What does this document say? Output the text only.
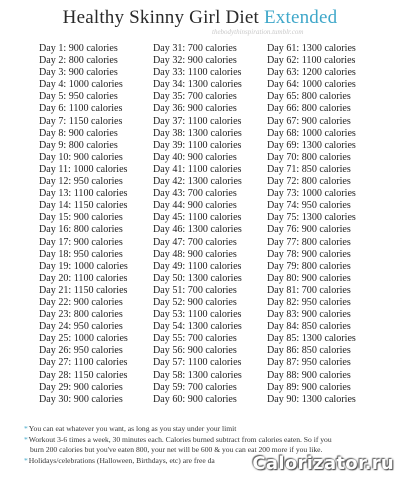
Healthy Skinny Girl Diet Extended
thebodythinspiration.tumblr.com
Day 1: 900 calories
Day 2: 800 calories
Day 3: 900 calories
Day 4: 1000 calories
Day 5: 950 calories
Day 6: 1100 calories
Day 7: 1150 calories
Day 8: 900 calories
Day 9: 800 calories
Day 10: 900 calories
Day 11: 1000 calories
Day 12: 950 calories
Day 13: 1100 calories
Day 14: 1150 calories
Day 15: 900 calories
Day 16: 800 calories
Day 17: 900 calories
Day 18: 950 calories
Day 19: 1000 calories
Day 20: 1100 calories
Day 21: 1150 calories
Day 22: 900 calories
Day 23: 800 calories
Day 24: 950 calories
Day 25: 1000 calories
Day 26: 950 calories
Day 27: 1100 calories
Day 28: 1150 calories
Day 29: 900 calories
Day 30: 900 calories
Day 31: 700 calories
Day 32: 900 calories
Day 33: 1100 calories
Day 34: 1300 calories
Day 35: 700 calories
Day 36: 900 calories
Day 37: 1100 calories
Day 38: 1300 calories
Day 39: 1100 calories
Day 40: 900 calories
Day 41: 1100 calories
Day 42: 1300 calories
Day 43: 700 calories
Day 44: 900 calories
Day 45: 1100 calories
Day 46: 1300 calories
Day 47: 700 calories
Day 48: 900 calories
Day 49: 1100 calories
Day 50: 1300 calories
Day 51: 700 calories
Day 52: 900 calories
Day 53: 1100 calories
Day 54: 1300 calories
Day 55: 700 calories
Day 56: 900 calories
Day 57: 1100 calories
Day 58: 1300 calories
Day 59: 700 calories
Day 60: 900 calories
Day 61: 1300 calories
Day 62: 1100 calories
Day 63: 1200 calories
Day 64: 1000 calories
Day 65: 800 calories
Day 66: 800 calories
Day 67: 900 calories
Day 68: 1000 calories
Day 69: 1300 calories
Day 70: 800 calories
Day 71: 850 calories
Day 72: 800 calories
Day 73: 1000 calories
Day 74: 950 calories
Day 75: 1300 calories
Day 76: 900 calories
Day 77: 800 calories
Day 78: 900 calories
Day 79: 800 calories
Day 80: 900 calories
Day 81: 700 calories
Day 82: 950 calories
Day 83: 900 calories
Day 84: 850 calories
Day 85: 1300 calories
Day 86: 850 calories
Day 87: 950 calories
Day 88: 900 calories
Day 89: 900 calories
Day 90: 1300 calories
*You can eat whatever you want, as long as you stay under your limit
*Workout 3-6 times a week, 30 minutes each. Calories burned subtract from calories eaten. So if you
burn 200 calories but you've eaten 800, your net will be 600 & you can eat 200 more if you like.
*Holidays/celebrations (Halloween, Birthdays, etc) are free da	Calorizator.ru
